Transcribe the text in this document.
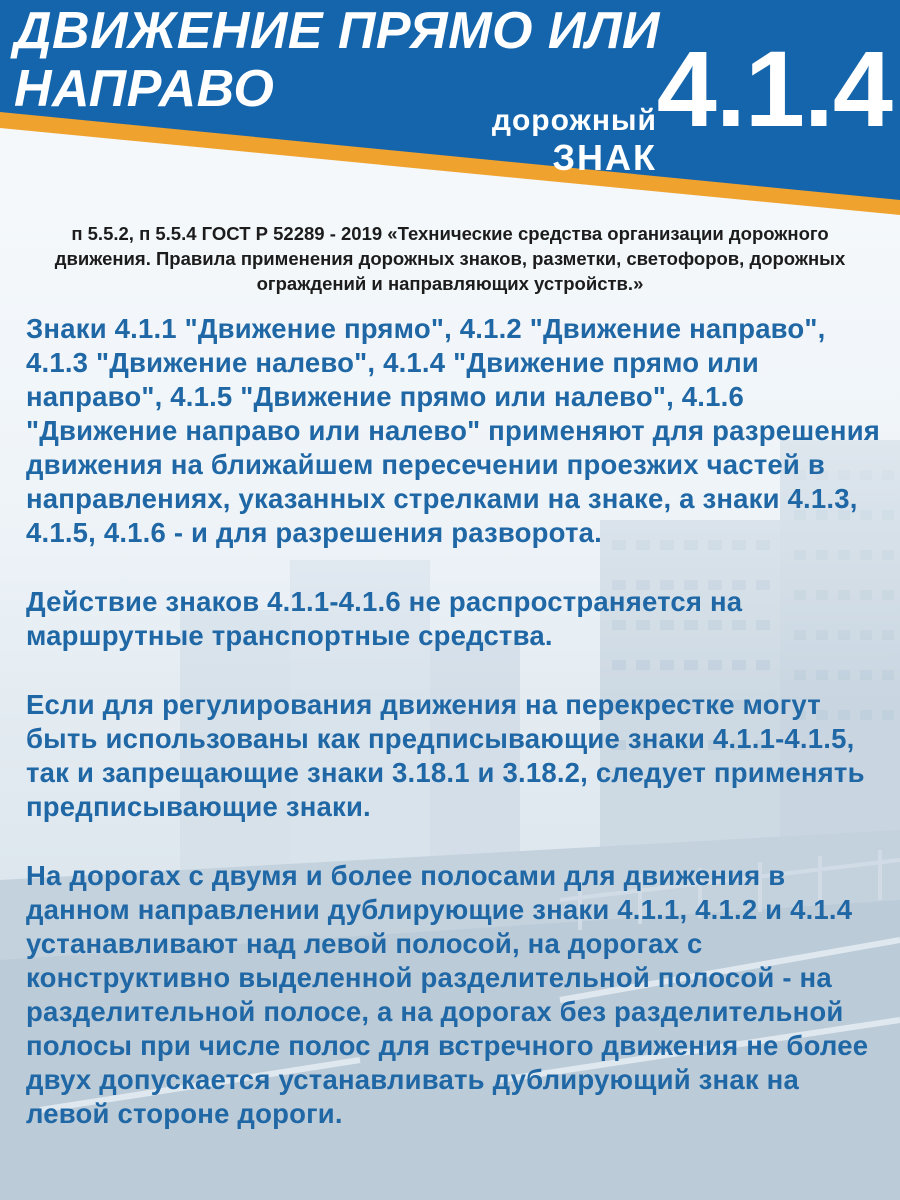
ДВИЖЕНИЕ ПРЯМО ИЛИ НАПРАВО
дорожный
ЗНАК
4.1.4

п 5.5.2, п 5.5.4 ГОСТ Р 52289 - 2019 «Технические средства организации дорожного движения. Правила применения дорожных знаков, разметки, светофоров, дорожных ограждений и направляющих устройств.»

Знаки 4.1.1 "Движение прямо", 4.1.2 "Движение направо", 4.1.3 "Движение налево", 4.1.4 "Движение прямо или направо", 4.1.5 "Движение прямо или налево", 4.1.6 "Движение направо или налево" применяют для разрешения движения на ближайшем пересечении проезжих частей в направлениях, указанных стрелками на знаке, а знаки 4.1.3, 4.1.5, 4.1.6 - и для разрешения разворота.

Действие знаков 4.1.1-4.1.6 не распространяется на маршрутные транспортные средства.

Если для регулирования движения на перекрестке могут быть использованы как предписывающие знаки 4.1.1-4.1.5, так и запрещающие знаки 3.18.1 и 3.18.2, следует применять предписывающие знаки.

На дорогах с двумя и более полосами для движения в данном направлении дублирующие знаки 4.1.1, 4.1.2 и 4.1.4 устанавливают над левой полосой, на дорогах с конструктивно выделенной разделительной полосой - на разделительной полосе, а на дорогах без разделительной полосы при числе полос для встречного движения не более двух допускается устанавливать дублирующий знак на левой стороне дороги.
